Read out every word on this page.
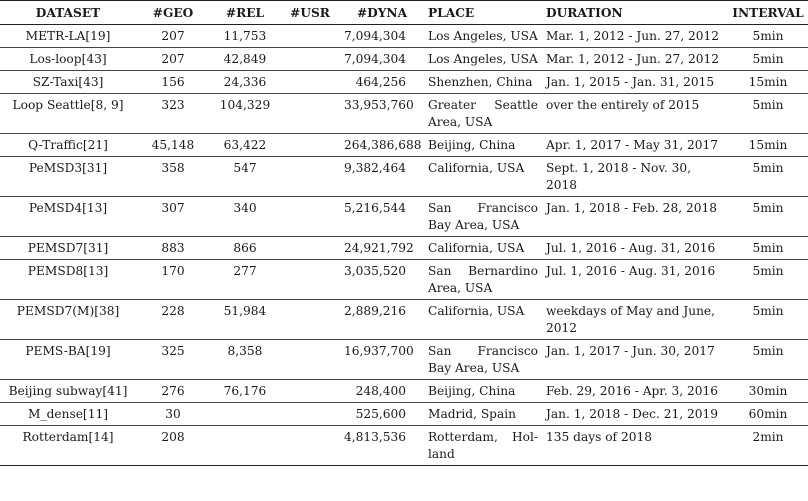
DATASET	#GEO	#REL	#USR	#DYNA	PLACE	DURATION	INTERVAL
METR-LA[19]	207	11,753		7,094,304	Los Angeles, USA	Mar. 1, 2012 - Jun. 27, 2012	5min
Los-loop[43]	207	42,849		7,094,304	Los Angeles, USA	Mar. 1, 2012 - Jun. 27, 2012	5min
SZ-Taxi[43]	156	24,336		464,256	Shenzhen, China	Jan. 1, 2015 - Jan. 31, 2015	15min
Loop Seattle[8, 9]	323	104,329		33,953,760	Greater Seattle Area, USA	over the entirely of 2015	5min
Q-Traffic[21]	45,148	63,422		264,386,688	Beijing, China	Apr. 1, 2017 - May 31, 2017	15min
PeMSD3[31]	358	547		9,382,464	California, USA	Sept. 1, 2018 - Nov. 30, 2018	5min
PeMSD4[13]	307	340		5,216,544	San Francisco Bay Area, USA	Jan. 1, 2018 - Feb. 28, 2018	5min
PEMSD7[31]	883	866		24,921,792	California, USA	Jul. 1, 2016 - Aug. 31, 2016	5min
PEMSD8[13]	170	277		3,035,520	San Bernardino Area, USA	Jul. 1, 2016 - Aug. 31, 2016	5min
PEMSD7(M)[38]	228	51,984		2,889,216	California, USA	weekdays of May and June, 2012	5min
PEMS-BA[19]	325	8,358		16,937,700	San Francisco Bay Area, USA	Jan. 1, 2017 - Jun. 30, 2017	5min
Beijing subway[41]	276	76,176		248,400	Beijing, China	Feb. 29, 2016 - Apr. 3, 2016	30min
M_dense[11]	30			525,600	Madrid, Spain	Jan. 1, 2018 - Dec. 21, 2019	60min
Rotterdam[14]	208			4,813,536	Rotterdam, Hol-land	135 days of 2018	2min
